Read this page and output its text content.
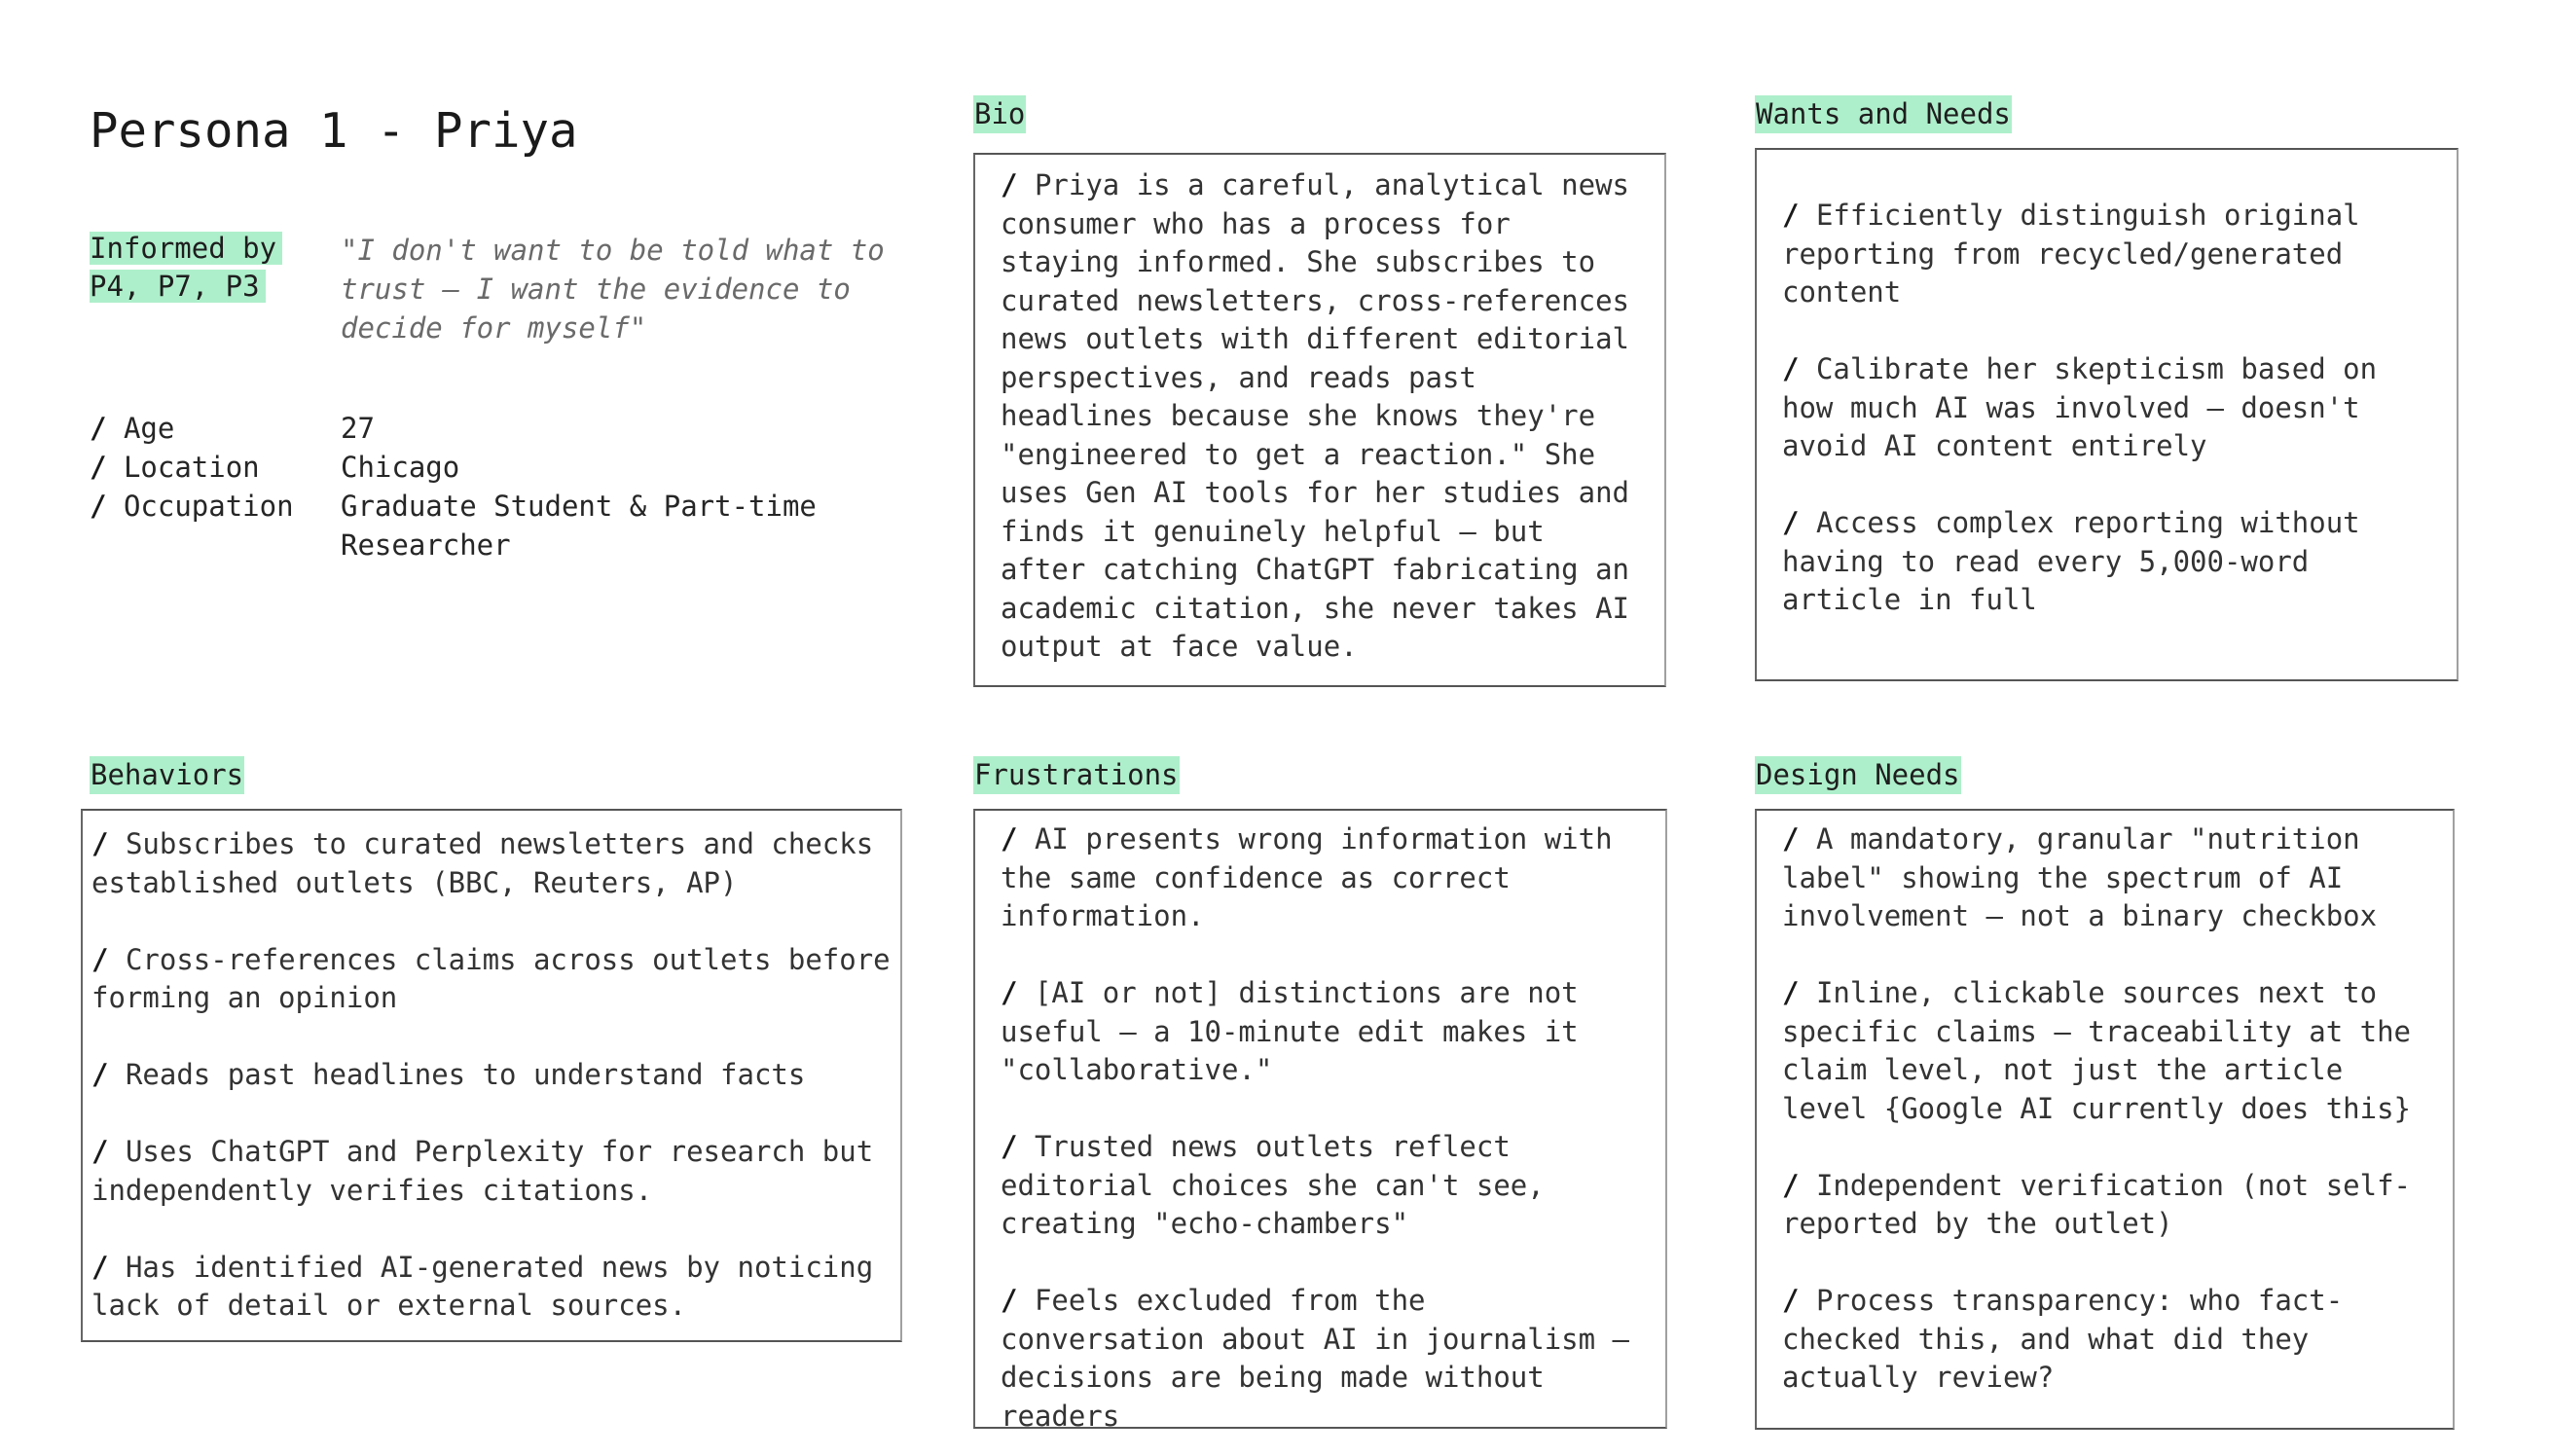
Persona 1 - Priya
Informed by P4, P7, P3
"I don't want to be told what to trust — I want the evidence to decide for myself"
/ Age	27
/ Location	Chicago
/ Occupation	Graduate Student & Part-time Researcher
Bio

/ Priya is a careful, analytical news consumer who has a process for staying informed. She subscribes to curated newsletters, cross-references news outlets with different editorial perspectives, and reads past headlines because she knows they're "engineered to get a reaction." She uses Gen AI tools for her studies and finds it genuinely helpful — but after catching ChatGPT fabricating an academic citation, she never takes AI output at face value.

Wants and Needs

/ Efficiently distinguish original reporting from recycled/generated content

/ Calibrate her skepticism based on how much AI was involved — doesn't avoid AI content entirely

/ Access complex reporting without having to read every 5,000-word article in full

Behaviors

/ Subscribes to curated newsletters and checks established outlets (BBC, Reuters, AP)

/ Cross-references claims across outlets before forming an opinion

/ Reads past headlines to understand facts

/ Uses ChatGPT and Perplexity for research but independently verifies citations.

/ Has identified AI-generated news by noticing lack of detail or external sources.

Frustrations

/ AI presents wrong information with the same confidence as correct information.

/ [AI or not] distinctions are not useful — a 10-minute edit makes it "collaborative."

/ Trusted news outlets reflect editorial choices she can't see, creating "echo-chambers"

/ Feels excluded from the conversation about AI in journalism — decisions are being made without readers

Design Needs

/ A mandatory, granular "nutrition label" showing the spectrum of AI involvement — not a binary checkbox

/ Inline, clickable sources next to specific claims — traceability at the claim level, not just the article level {Google AI currently does this}

/ Independent verification (not self-reported by the outlet)

/ Process transparency: who fact-checked this, and what did they actually review?
